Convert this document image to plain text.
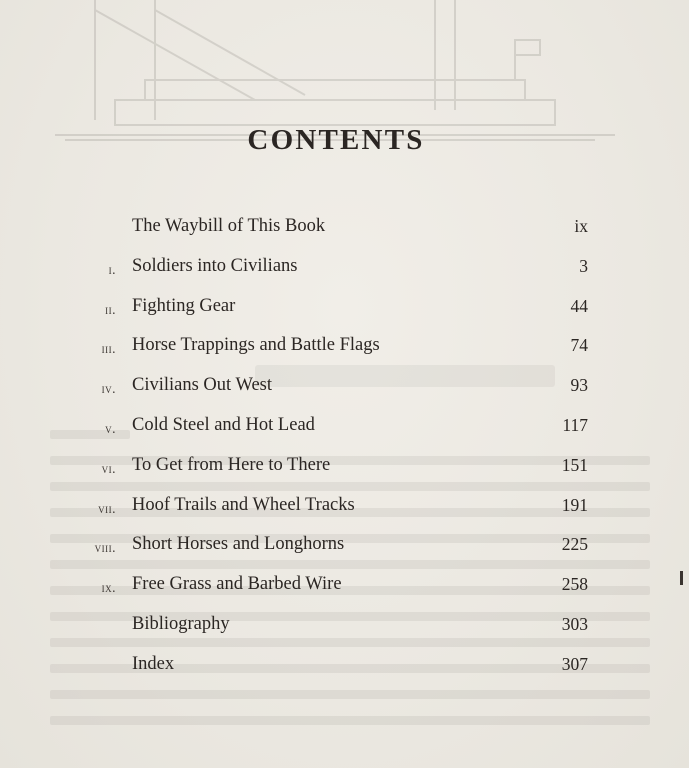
CONTENTS
The Waybill of This Book	ix
i. Soldiers into Civilians	3
ii. Fighting Gear	44
iii. Horse Trappings and Battle Flags	74
iv. Civilians Out West	93
v. Cold Steel and Hot Lead	117
vi. To Get from Here to There	151
vii. Hoof Trails and Wheel Tracks	191
viii. Short Horses and Longhorns	225
ix. Free Grass and Barbed Wire	258
Bibliography	303
Index	307
